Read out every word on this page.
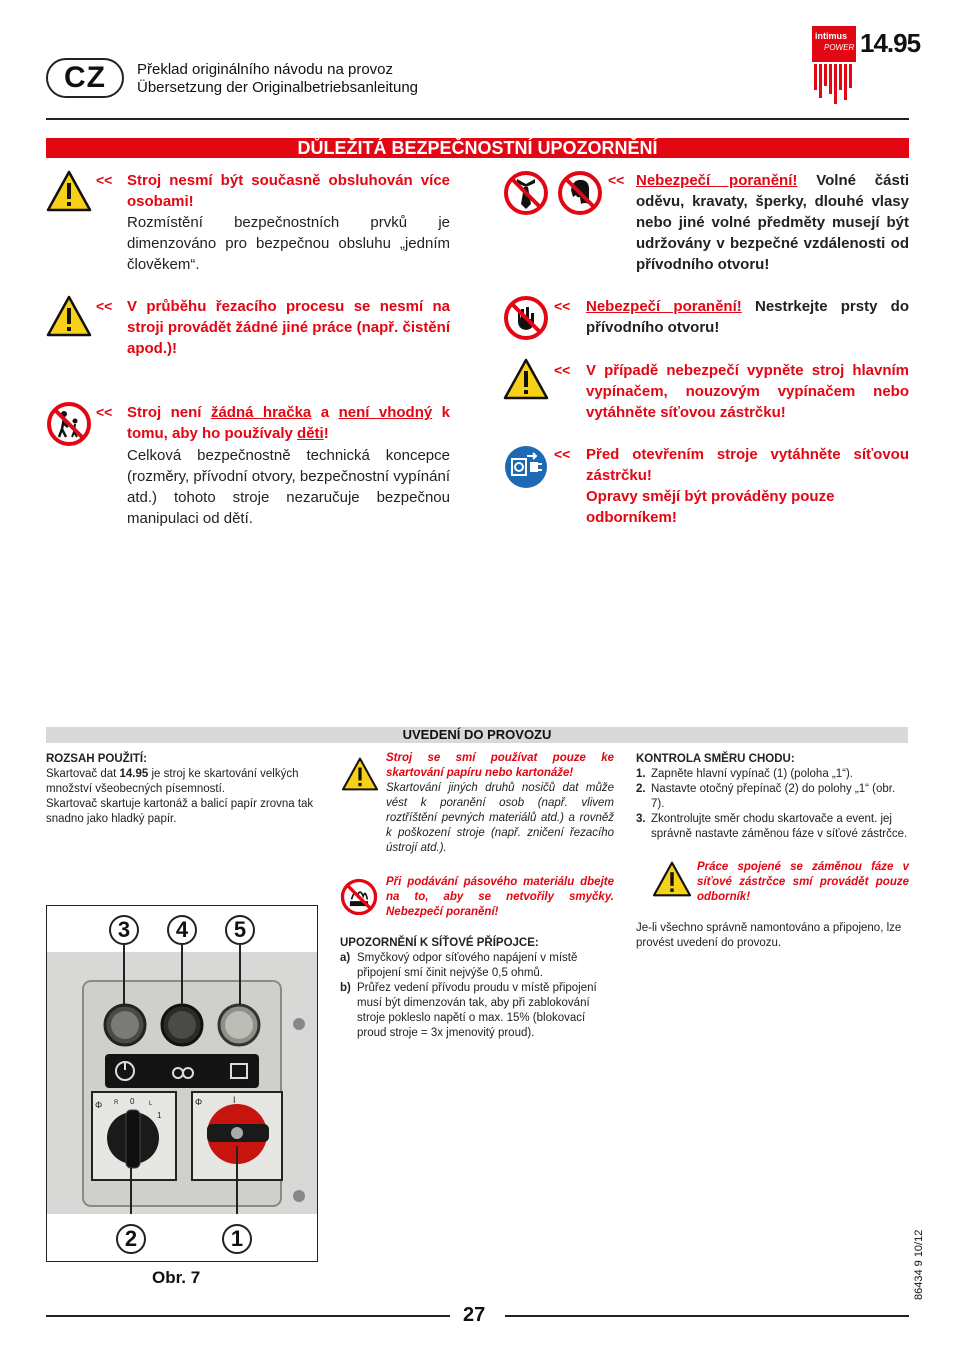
CZ	Překlad originálního návodu na provoz
Übersetzung der Originalbetriebsanleitung
intimus
POWER 14.95
DŮLEŽITÁ BEZPEČNOSTNÍ UPOZORNĚNÍ
<< Stroj nesmí být současně obsluhován více osobami!
Rozmístění bezpečnostních prvků je dimenzováno pro bezpečnou obsluhu „jedním člověkem“.
<< V průběhu řezacího procesu se nesmí na stroji provádět žádné jiné práce (např. čistění apod.)!
<< Stroj není žádná hračka a není vhodný k tomu, aby ho používaly děti!
Celková bezpečnostně technická koncepce (rozměry, přívodní otvory, bezpečnostní vypínání atd.) tohoto stroje nezaručuje bezpečnou manipulaci od dětí.
<< Nebezpečí poranění! Volné části oděvu, kravaty, šperky, dlouhé vlasy nebo jiné volné předměty musejí být udržovány v bezpečné vzdálenosti od přívodního otvoru!
<< Nebezpečí poranění! Nestrkejte prsty do přívodního otvoru!
<< V případě nebezpečí vypněte stroj hlavním vypínačem, nouzovým vypínačem nebo vytáhněte síťovou zástrčku!
<< Před otevřením stroje vytáhněte síťovou zástrčku!
Opravy smějí být prováděny pouze odborníkem!
UVEDENÍ DO PROVOZU
ROZSAH POUŽITÍ:
Skartovač dat 14.95 je stroj ke skartování velkých množství všeobecných písemností.
Skartovač skartuje kartonáž a balicí papír zrovna tak snadno jako hladký papír.
Stroj se smí používat pouze ke skartování papíru nebo kartonáže!
Skartování jiných druhů nosičů dat může vést k poranění osob (např. vlivem roztříštění pevných materiálů atd.) a rovněž k poškození stroje (např. zničení řezacího ústrojí atd.).
Při podávání pásového materiálu dbejte na to, aby se netvořily smyčky. Nebezpečí poranění!
UPOZORNĚNÍ K SÍŤOVÉ PŘÍPOJCE:
a) Smyčkový odpor síťového napájení v místě připojení smí činit nejvýše 0,5 ohmů.
b) Průřez vedení přívodu proudu v místě připojení musí být dimenzován tak, aby při zablokování stroje pokleslo napětí o max. 15% (blokovací proud stroje = 3x jmenovitý proud).
KONTROLA SMĚRU CHODU:
1. Zapněte hlavní vypínač (1) (poloha „1“).
2. Nastavte otočný přepínač (2) do polohy „1“ (obr. 7).
3. Zkontrolujte směr chodu skartovače a event. jej správně nastavte záměnou fáze v síťové zástrčce.
Práce spojené se záměnou fáze v síťové zástrčce smí provádět pouze odborník!
Je-li všechno správně namontováno a připojeno, lze provést uvedení do provozu.
Φ R 0 L
1
Φ	I
3	4	5
2	1
Obr. 7	86434 9 10/12
27
